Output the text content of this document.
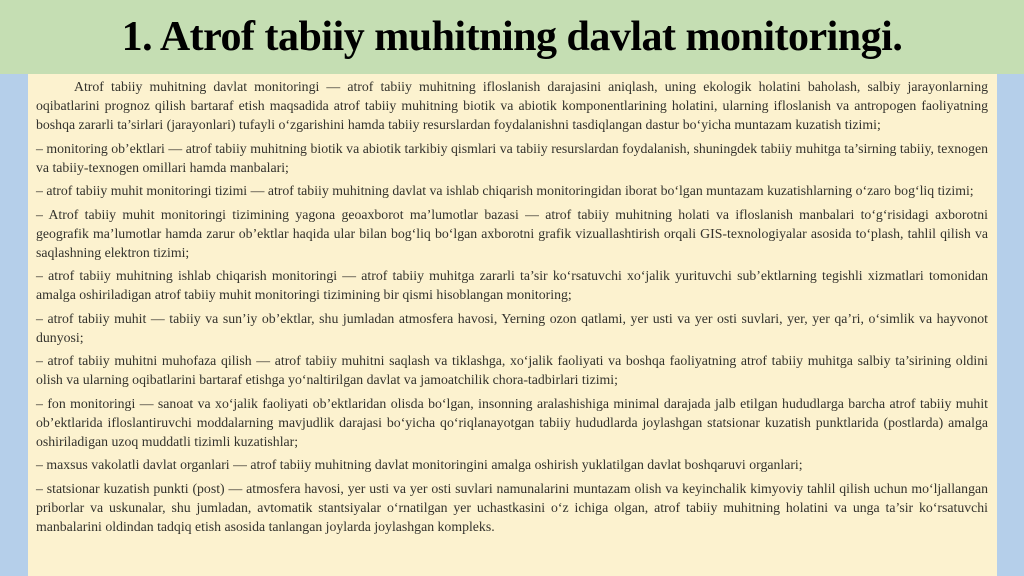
1. Atrof tabiiy muhitning davlat monitoringi.

Atrof tabiiy muhitning davlat monitoringi — atrof tabiiy muhitning ifloslanish darajasini aniqlash, uning ekologik holatini baholash, salbiy jarayonlarning oqibatlarini prognoz qilish bartaraf etish maqsadida atrof tabiiy muhitning biotik va abiotik komponentlarining holatini, ularning ifloslanish va antropogen faoliyatning boshqa zararli ta’sirlari (jarayonlari) tufayli o‘zgarishini hamda tabiiy resurslardan foydalanishni tasdiqlangan dastur bo‘yicha muntazam kuzatish tizimi;

– monitoring ob’ektlari — atrof tabiiy muhitning biotik va abiotik tarkibiy qismlari va tabiiy resurslardan foydalanish, shuningdek tabiiy muhitga ta’sirning tabiiy, texnogen va tabiiy-texnogen omillari hamda manbalari;

– atrof tabiiy muhit monitoringi tizimi — atrof tabiiy muhitning davlat va ishlab chiqarish monitoringidan iborat bo‘lgan muntazam kuzatishlarning o‘zaro bog‘liq tizimi;

– Atrof tabiiy muhit monitoringi tizimining yagona geoaxborot ma’lumotlar bazasi — atrof tabiiy muhitning holati va ifloslanish manbalari to‘g‘risidagi axborotni geografik ma’lumotlar hamda zarur ob’ektlar haqida ular bilan bog‘liq bo‘lgan axborotni grafik vizuallashtirish orqali GIS-texnologiyalar asosida to‘plash, tahlil qilish va saqlashning elektron tizimi;

– atrof tabiiy muhitning ishlab chiqarish monitoringi — atrof tabiiy muhitga zararli ta’sir ko‘rsatuvchi xo‘jalik yurituvchi sub’ektlarning tegishli xizmatlari tomonidan amalga oshiriladigan atrof tabiiy muhit monitoringi tizimining bir qismi hisoblangan monitoring;

– atrof tabiiy muhit — tabiiy va sun’iy ob’ektlar, shu jumladan atmosfera havosi, Yerning ozon qatlami, yer usti va yer osti suvlari, yer, yer qa’ri, o‘simlik va hayvonot dunyosi;

– atrof tabiiy muhitni muhofaza qilish — atrof tabiiy muhitni saqlash va tiklashga, xo‘jalik faoliyati va boshqa faoliyatning atrof tabiiy muhitga salbiy ta’sirining oldini olish va ularning oqibatlarini bartaraf etishga yo‘naltirilgan davlat va jamoatchilik chora-tadbirlari tizimi;

– fon monitoringi — sanoat va xo‘jalik faoliyati ob’ektlaridan olisda bo‘lgan, insonning aralashishiga minimal darajada jalb etilgan hududlarga barcha atrof tabiiy muhit ob’ektlarida ifloslantiruvchi moddalarning mavjudlik darajasi bo‘yicha qo‘riqlanayotgan tabiiy hududlarda joylashgan statsionar kuzatish punktlarida (postlarda) amalga oshiriladigan uzoq muddatli tizimli kuzatishlar;

– maxsus vakolatli davlat organlari — atrof tabiiy muhitning davlat monitoringini amalga oshirish yuklatilgan davlat boshqaruvi organlari;

– statsionar kuzatish punkti (post) — atmosfera havosi, yer usti va yer osti suvlari namunalarini muntazam olish va keyinchalik kimyoviy tahlil qilish uchun mo‘ljallangan priborlar va uskunalar, shu jumladan, avtomatik stantsiyalar o‘rnatilgan yer uchastkasini o‘z ichiga olgan, atrof tabiiy muhitning holatini va unga ta’sir ko‘rsatuvchi manbalarini oldindan tadqiq etish asosida tanlangan joylarda joylashgan kompleks.
